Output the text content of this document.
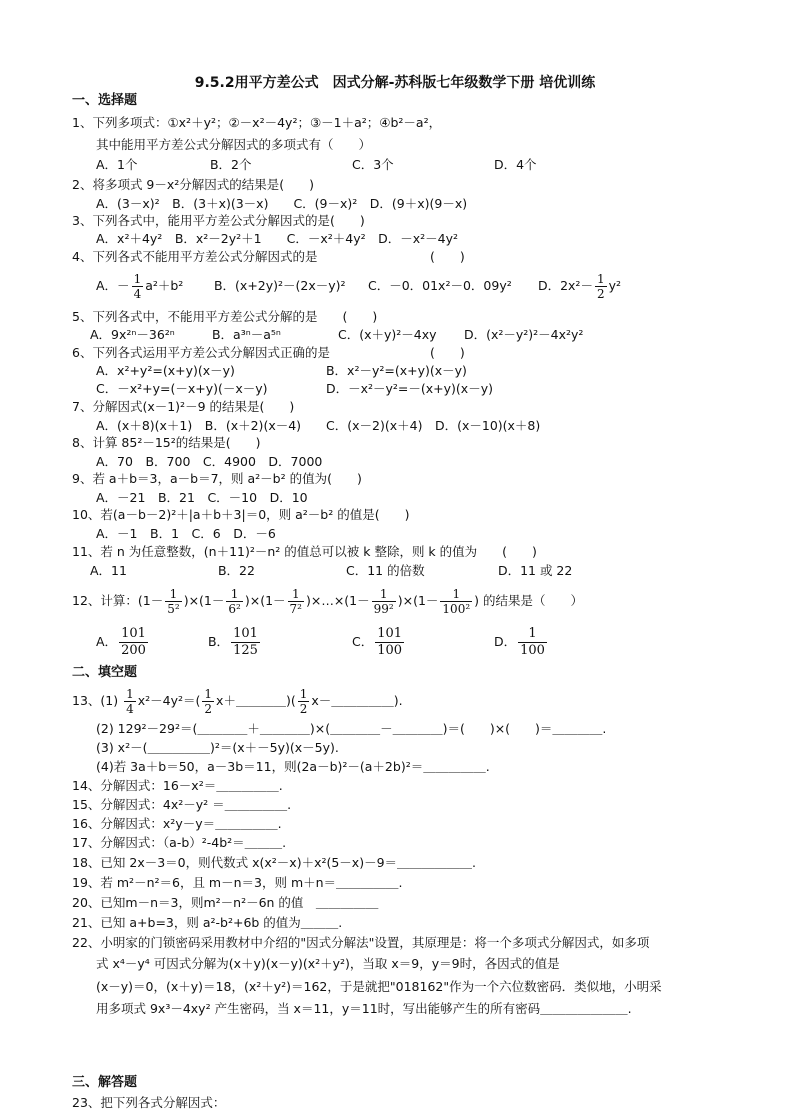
9.5.2用平方差公式　因式分解-苏科版七年级数学下册 培优训练
一、选择题
1、下列多项式：①x²＋y²；②－x²－4y²；③－1＋a²；④b²－a²，
其中能用平方差公式分解因式的多项式有（　　）
A．1个	B．2个	C．3个	D．4个
2、将多项式 9－x²分解因式的结果是(　　)
A．(3－x)²　B．(3＋x)(3－x)　　C．(9－x)²　D．(9＋x)(9－x)
3、下列各式中，能用平方差公式分解因式的是(　　)
A．x²＋4y²　B．x²－2y²＋1　　C．－x²＋4y²　D．－x²－4y²
4、下列各式不能用平方差公式分解因式的是　　　　　　　　　(　　)
A．－ $\frac{1}{4} a^2+b^2$ B．(x+2y)²－(2x－y)² C．－0．01x²－0．09y² D．$2x^2- \frac{1}{2} y^2$
5、下列各式中，不能用平方差公式分解的是　　(　　)
A．9x²ⁿ－36²ⁿ	B．a³ⁿ－a⁵ⁿ	C．(x＋y)²－4xy D．(x²－y²)²－4x²y²
6、下列各式运用平方差公式分解因式正确的是　　　　　　　　(　　)
A．x²+y²=(x+y)(x－y)	B．x²－y²=(x+y)(x－y)
C．－x²+y=(－x+y)(－x－y)	D．－x²－y²=－(x+y)(x－y)
7、分解因式(x－1)²－9 的结果是(　　)
A．(x＋8)(x＋1)　B．(x＋2)(x－4)　　C．(x－2)(x＋4)　D．(x－10)(x＋8)
8、计算 85²－15²的结果是(　　)
A．70　B．700　C．4900　D．7000
9、若 a＋b＝3，a－b＝7，则 a²－b² 的值为(　　)
A．－21　B．21　C．－10　D．10
10、若(a－b－2)²＋|a＋b＋3|＝0，则 a²－b² 的值是(　　)
A．－1　B．1　C．6　D．－6
11、若 n 为任意整数，(n＋11)²－n² 的值总可以被 k 整除，则 k 的值为　　(　　)
A．11	B．22	C．11 的倍数	D．11 或 22
12、计算：$(1- \frac{1}{\text{5²}} )\times(1- \frac{1}{\text{6²}} )\times(1- \frac{1}{\text{7²}}$ )×…×(1－ $\frac{1}{\text{99²}} )\times(1- \frac{1}{\text{100²}}$ ) 的结果是（　　）
A． $\frac{101}{200}$	B． $\frac{101}{125}$	C． $\frac{101}{100}$	D． $\frac{1}{100}$
二、填空题
13、$(1) \frac{1}{4} x^2-4y^2=( \frac{1}{2}$ x＋＿＿＿＿)( $\frac{1}{2}$ x－＿＿＿＿＿).
(2) 129²－29²＝(＿＿＿＿＋＿＿＿＿)×(＿＿＿＿－＿＿＿＿)＝(　　)×(　　)＝＿＿＿＿.
(3) x²－(＿＿＿＿＿)²＝(x＋－5y)(x－5y).
(4)若 3a＋b＝50，a－3b＝11，则(2a－b)²－(a＋2b)²＝＿＿＿＿＿.
14、分解因式：16－x²＝＿＿＿＿＿.
15、分解因式：4x²－y² ＝＿＿＿＿＿.
16、分解因式：x²y－y＝＿＿＿＿＿.
17、分解因式：（a-b）²-4b²＝＿＿＿.
18、已知 2x－3＝0，则代数式 x(x²－x)＋x²(5－x)－9＝＿＿＿＿＿＿.
19、若 m²－n²＝6，且 m－n＝3，则 m＋n＝＿＿＿＿＿.
20、已知m－n＝3，则m²－n²－6n 的值　＿＿＿＿＿
21、已知 a+b=3，则 a²-b²+6b 的值为＿＿＿.
22、小明家的门锁密码采用教材中介绍的"因式分解法"设置，其原理是：将一个多项式分解因式，如多项
式 x⁴－y⁴ 可因式分解为(x＋y)(x－y)(x²＋y²)，当取 x＝9，y＝9时，各因式的值是
(x－y)＝0，(x＋y)＝18，(x²＋y²)＝162，于是就把"018162"作为一个六位数密码．类似地，小明采
用多项式 9x³－4xy² 产生密码，当 x＝11，y＝11时，写出能够产生的所有密码＿＿＿＿＿＿＿.
三、解答题
23、把下列各式分解因式：
